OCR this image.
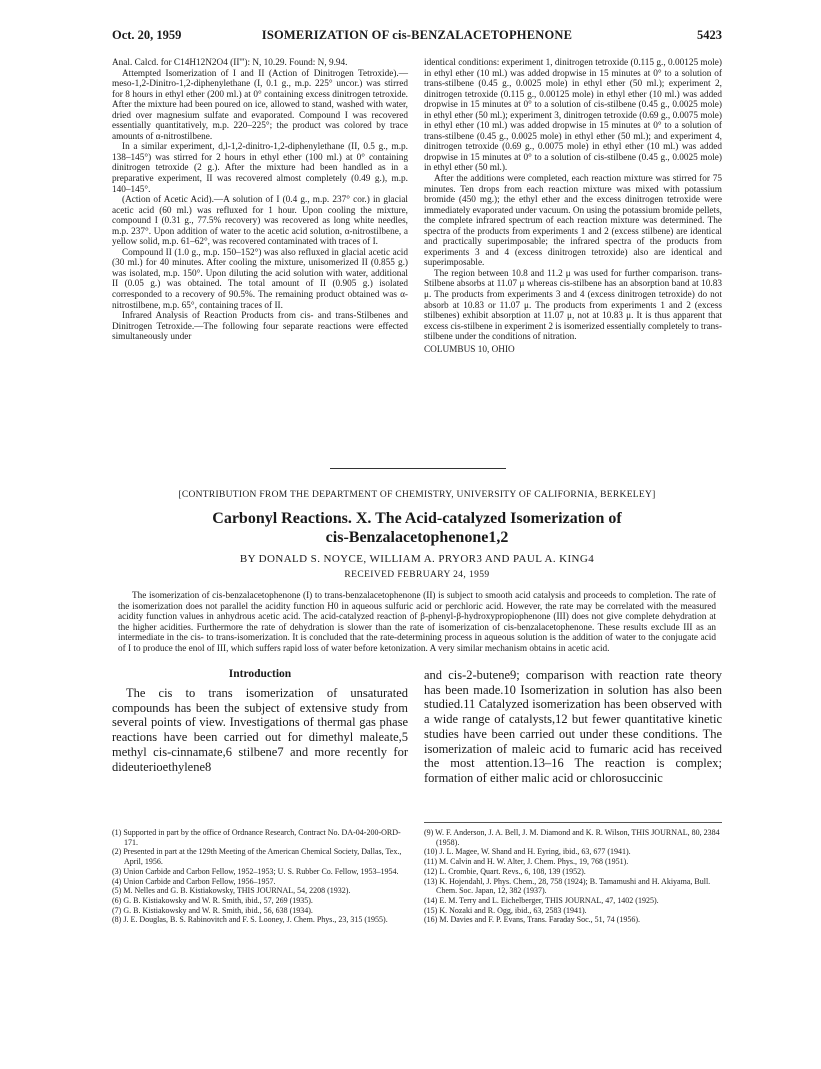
Oct. 20, 1959	ISOMERIZATION OF cis-BENZALACETOPHENONE	5423

Anal. Calcd. for C14H12N2O4 (II'''): N, 10.29. Found: N, 9.94.

Attempted Isomerization of I and II (Action of Dinitrogen Tetroxide).—meso-1,2-Dinitro-1,2-diphenylethane (I, 0.1 g., m.p. 225° uncor.) was stirred for 8 hours in ethyl ether (200 ml.) at 0° containing excess dinitrogen tetroxide. After the mixture had been poured on ice, allowed to stand, washed with water, dried over magnesium sulfate and evaporated. Compound I was recovered essentially quantitatively, m.p. 220–225°; the product was colored by trace amounts of α-nitrostilbene.

In a similar experiment, d,l-1,2-dinitro-1,2-diphenylethane (II, 0.5 g., m.p. 138–145°) was stirred for 2 hours in ethyl ether (100 ml.) at 0° containing dinitrogen tetroxide (2 g.). After the mixture had been handled as in a preparative experiment, II was recovered almost completely (0.49 g.), m.p. 140–145°.

(Action of Acetic Acid).—A solution of I (0.4 g., m.p. 237° cor.) in glacial acetic acid (60 ml.) was refluxed for 1 hour. Upon cooling the mixture, compound I (0.31 g., 77.5% recovery) was recovered as long white needles, m.p. 237°. Upon addition of water to the acetic acid solution, α-nitrostilbene, a yellow solid, m.p. 61–62°, was recovered contaminated with traces of I.

Compound II (1.0 g., m.p. 150–152°) was also refluxed in glacial acetic acid (30 ml.) for 40 minutes. After cooling the mixture, unisomerized II (0.855 g.) was isolated, m.p. 150°. Upon diluting the acid solution with water, additional II (0.05 g.) was obtained. The total amount of II (0.905 g.) isolated corresponded to a recovery of 90.5%. The remaining product obtained was α-nitrostilbene, m.p. 65°, containing traces of II.

Infrared Analysis of Reaction Products from cis- and trans-Stilbenes and Dinitrogen Tetroxide.—The following four separate reactions were effected simultaneously under

identical conditions: experiment 1, dinitrogen tetroxide (0.115 g., 0.00125 mole) in ethyl ether (10 ml.) was added dropwise in 15 minutes at 0° to a solution of trans-stilbene (0.45 g., 0.0025 mole) in ethyl ether (50 ml.); experiment 2, dinitrogen tetroxide (0.115 g., 0.00125 mole) in ethyl ether (10 ml.) was added dropwise in 15 minutes at 0° to a solution of cis-stilbene (0.45 g., 0.0025 mole) in ethyl ether (50 ml.); experiment 3, dinitrogen tetroxide (0.69 g., 0.0075 mole) in ethyl ether (10 ml.) was added dropwise in 15 minutes at 0° to a solution of trans-stilbene (0.45 g., 0.0025 mole) in ethyl ether (50 ml.); and experiment 4, dinitrogen tetroxide (0.69 g., 0.0075 mole) in ethyl ether (10 ml.) was added dropwise in 15 minutes at 0° to a solution of cis-stilbene (0.45 g., 0.0025 mole) in ethyl ether (50 ml.).

After the additions were completed, each reaction mixture was stirred for 75 minutes. Ten drops from each reaction mixture was mixed with potassium bromide (450 mg.); the ethyl ether and the excess dinitrogen tetroxide were immediately evaporated under vacuum. On using the potassium bromide pellets, the complete infrared spectrum of each reaction mixture was determined. The spectra of the products from experiments 1 and 2 (excess stilbene) are identical and practically superimposable; the infrared spectra of the products from experiments 3 and 4 (excess dinitrogen tetroxide) also are identical and superimposable.

The region between 10.8 and 11.2 μ was used for further comparison. trans-Stilbene absorbs at 11.07 μ whereas cis-stilbene has an absorption band at 10.83 μ. The products from experiments 3 and 4 (excess dinitrogen tetroxide) do not absorb at 10.83 or 11.07 μ. The products from experiments 1 and 2 (excess stilbenes) exhibit absorption at 11.07 μ, not at 10.83 μ. It is thus apparent that excess cis-stilbene in experiment 2 is isomerized essentially completely to trans-stilbene under the conditions of nitration.

COLUMBUS 10, OHIO

[CONTRIBUTION FROM THE DEPARTMENT OF CHEMISTRY, UNIVERSITY OF CALIFORNIA, BERKELEY]
Carbonyl Reactions. X. The Acid-catalyzed Isomerization of
cis-Benzalacetophenone1,2
BY DONALD S. NOYCE, WILLIAM A. PRYOR3 AND PAUL A. KING4
RECEIVED FEBRUARY 24, 1959
The isomerization of cis-benzalacetophenone (I) to trans-benzalacetophenone (II) is subject to smooth acid catalysis and proceeds to completion. The rate of the isomerization does not parallel the acidity function H0 in aqueous sulfuric acid or perchloric acid. However, the rate may be correlated with the measured acidity function values in anhydrous acetic acid. The acid-catalyzed reaction of β-phenyl-β-hydroxypropiophenone (III) does not give complete dehydration at the higher acidities. Furthermore the rate of dehydration is slower than the rate of isomerization of cis-benzalacetophenone. These results exclude III as an intermediate in the cis- to trans-isomerization. It is concluded that the rate-determining process in aqueous solution is the addition of water to the conjugate acid of I to produce the enol of III, which suffers rapid loss of water before ketonization. A very similar mechanism obtains in acetic acid.
Introduction
The cis to trans isomerization of unsaturated compounds has been the subject of extensive study from several points of view. Investigations of thermal gas phase reactions have been carried out for dimethyl maleate,5 methyl cis-cinnamate,6 stilbene7 and more recently for dideuterioethylene8
and cis-2-butene9; comparison with reaction rate theory has been made.10 Isomerization in solution has also been studied.11 Catalyzed isomerization has been observed with a wide range of catalysts,12 but fewer quantitative kinetic studies have been carried out under these conditions. The isomerization of maleic acid to fumaric acid has received the most attention.13–16 The reaction is complex; formation of either malic acid or chlorosuccinic
(1) Supported in part by the office of Ordnance Research, Contract No. DA-04-200-ORD-171.
(2) Presented in part at the 129th Meeting of the American Chemical Society, Dallas, Tex., April, 1956.
(3) Union Carbide and Carbon Fellow, 1952–1953; U. S. Rubber Co. Fellow, 1953–1954.
(4) Union Carbide and Carbon Fellow, 1956–1957.
(5) M. Nelles and G. B. Kistiakowsky, THIS JOURNAL, 54, 2208 (1932).
(6) G. B. Kistiakowsky and W. R. Smith, ibid., 57, 269 (1935).
(7) G. B. Kistiakowsky and W. R. Smith, ibid., 56, 638 (1934).
(8) J. E. Douglas, B. S. Rabinovitch and F. S. Looney, J. Chem. Phys., 23, 315 (1955).
(9) W. F. Anderson, J. A. Bell, J. M. Diamond and K. R. Wilson, THIS JOURNAL, 80, 2384 (1958).
(10) J. L. Magee, W. Shand and H. Eyring, ibid., 63, 677 (1941).
(11) M. Calvin and H. W. Alter, J. Chem. Phys., 19, 768 (1951).
(12) L. Crombie, Quart. Revs., 6, 108, 139 (1952).
(13) K. Hojendahl, J. Phys. Chem., 28, 758 (1924); B. Tamamushi and H. Akiyama, Bull. Chem. Soc. Japan, 12, 382 (1937).
(14) E. M. Terry and L. Eichelberger, THIS JOURNAL, 47, 1402 (1925).
(15) K. Nozaki and R. Ogg, ibid., 63, 2583 (1941).
(16) M. Davies and F. P. Evans, Trans. Faraday Soc., 51, 74 (1956).
